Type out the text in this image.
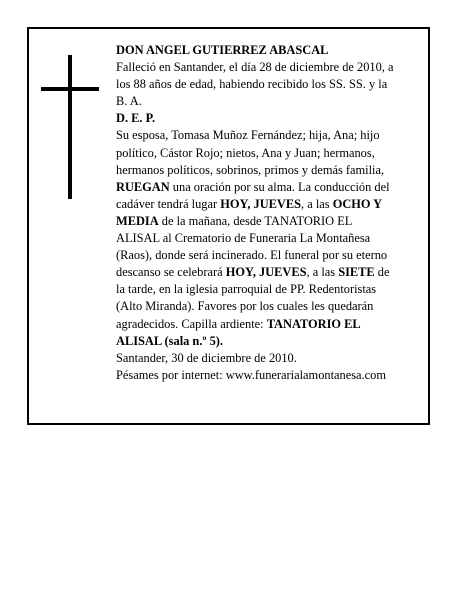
DON ANGEL GUTIERREZ ABASCAL

Falleció en Santander, el día 28 de diciembre de 2010, a
los 88 años de edad, habiendo recibido los SS. SS. y la
B. A.

D. E. P.

Su esposa, Tomasa Muñoz Fernández; hija, Ana; hijo
político, Cástor Rojo; nietos, Ana y Juan; hermanos,
hermanos políticos, sobrinos, primos y demás familia,

RUEGAN una oración por su alma. La conducción del
cadáver tendrá lugar HOY, JUEVES, a las OCHO Y
MEDIA de la mañana, desde TANATORIO EL
ALISAL al Crematorio de Funeraria La Montañesa
(Raos), donde será incinerado. El funeral por su eterno
descanso se celebrará HOY, JUEVES, a las SIETE de
la tarde, en la iglesia parroquial de PP. Redentoristas
(Alto Miranda). Favores por los cuales les quedarán
agradecidos. Capilla ardiente: TANATORIO EL
ALISAL (sala n.º 5).

Santander, 30 de diciembre de 2010.

Pésames por internet: www.funerarialamontanesa.com
